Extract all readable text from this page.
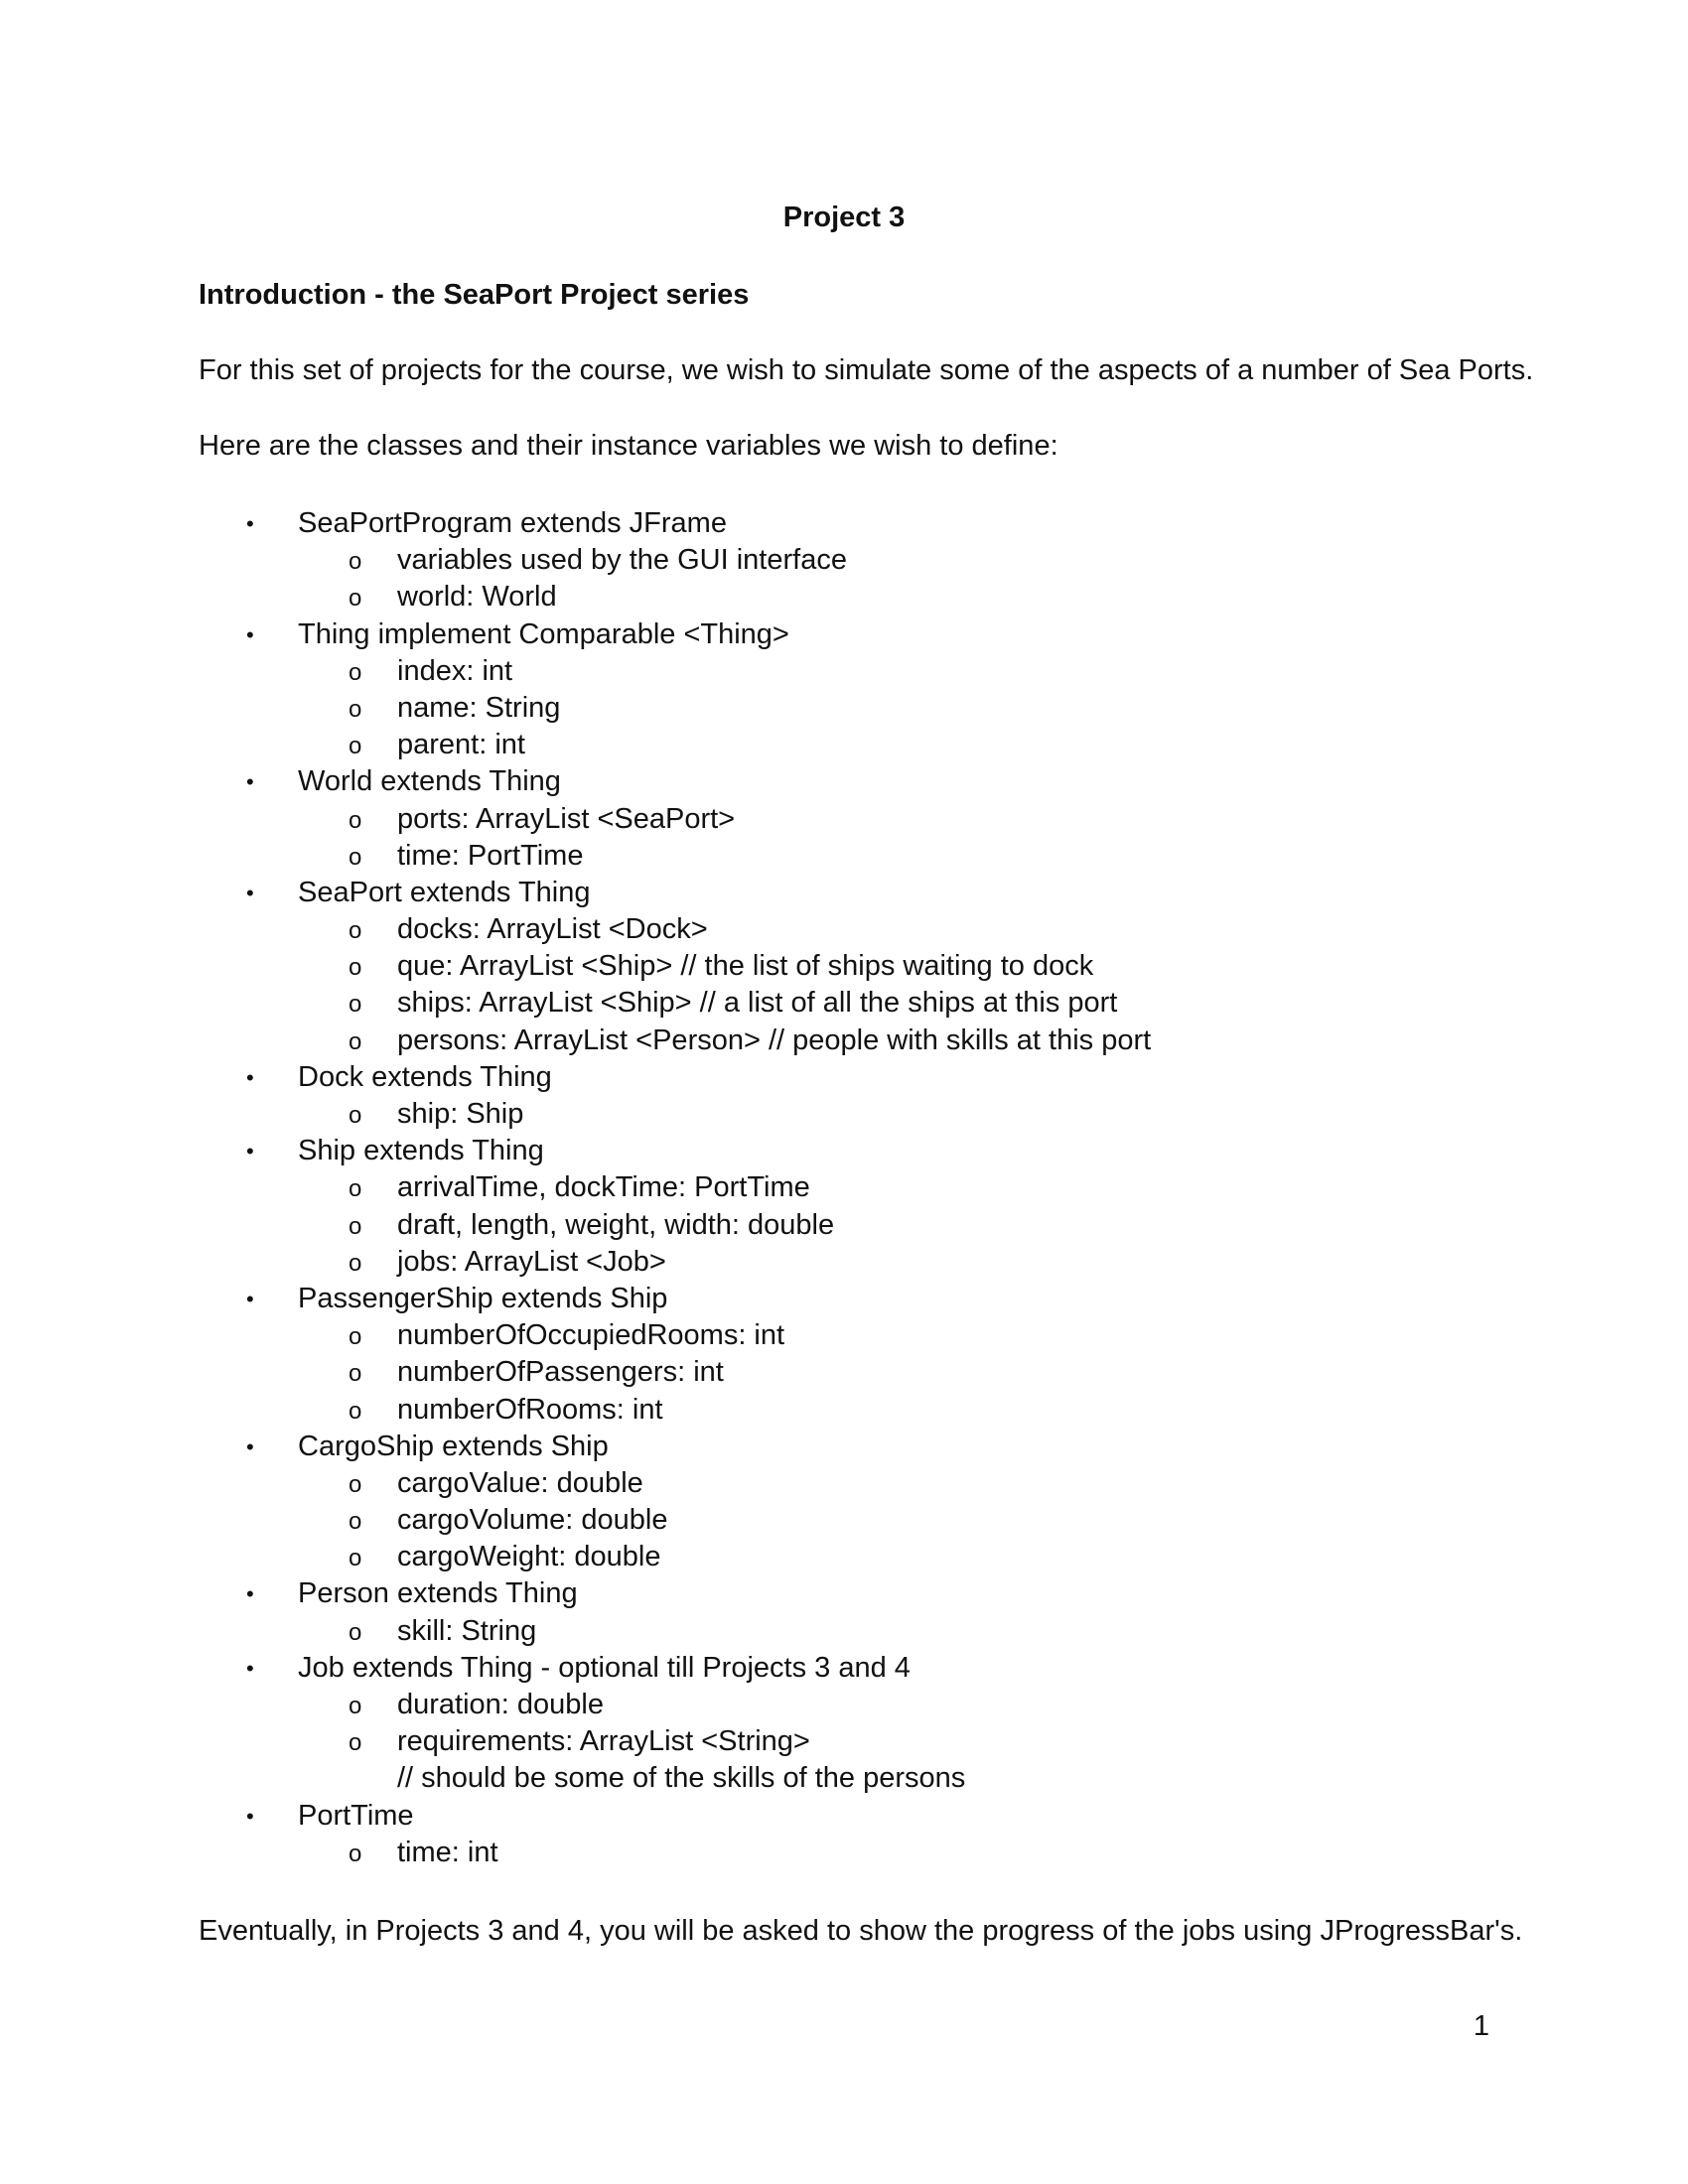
Project 3
Introduction - the SeaPort Project series
For this set of projects for the course, we wish to simulate some of the aspects of a number of Sea Ports.
Here are the classes and their instance variables we wish to define:
• SeaPortProgram extends JFrame
o variables used by the GUI interface
o world: World
• Thing implement Comparable <Thing>
o index: int
o name: String
o parent: int
• World extends Thing
o ports: ArrayList <SeaPort>
o time: PortTime
• SeaPort extends Thing
o docks: ArrayList <Dock>
o que: ArrayList <Ship> // the list of ships waiting to dock
o ships: ArrayList <Ship> // a list of all the ships at this port
o persons: ArrayList <Person> // people with skills at this port
• Dock extends Thing
o ship: Ship
• Ship extends Thing
o arrivalTime, dockTime: PortTime
o draft, length, weight, width: double
o jobs: ArrayList <Job>
• PassengerShip extends Ship
o numberOfOccupiedRooms: int
o numberOfPassengers: int
o numberOfRooms: int
• CargoShip extends Ship
o cargoValue: double
o cargoVolume: double
o cargoWeight: double
• Person extends Thing
o skill: String
• Job extends Thing - optional till Projects 3 and 4
o duration: double
o requirements: ArrayList <String>
// should be some of the skills of the persons
• PortTime
o time: int
Eventually, in Projects 3 and 4, you will be asked to show the progress of the jobs using JProgressBar's.
1
